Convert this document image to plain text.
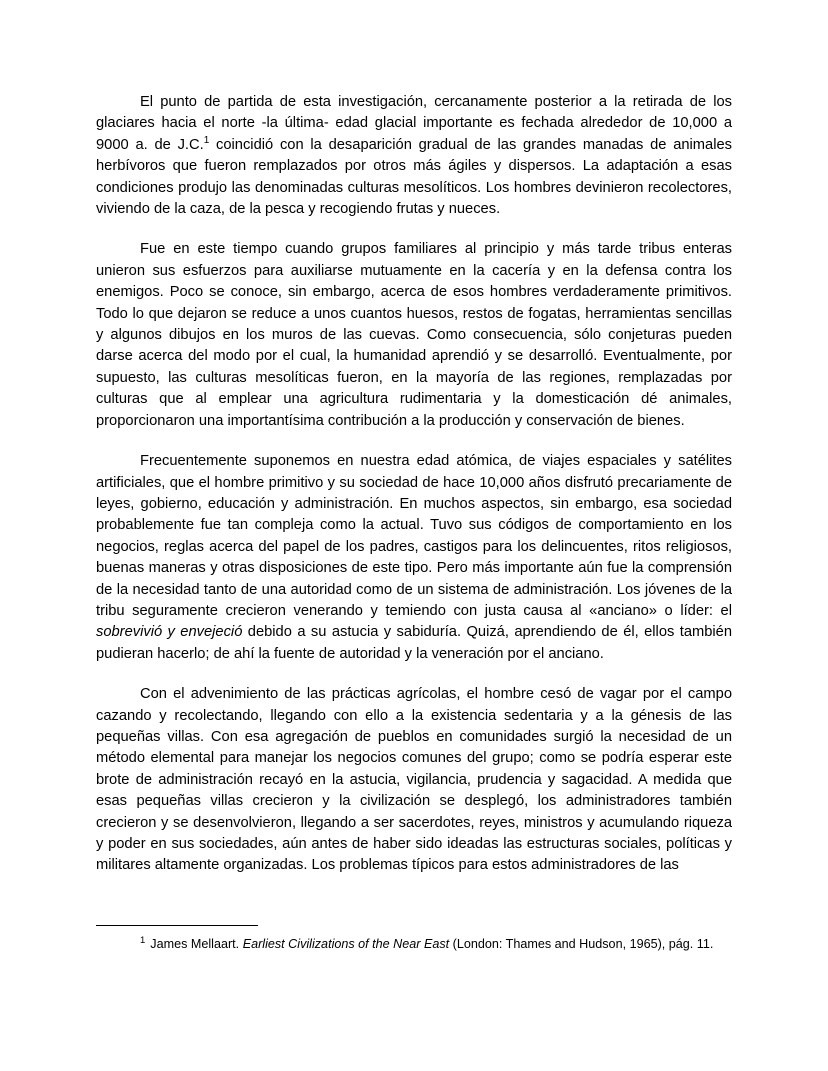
El punto de partida de esta investigación, cercanamente posterior a la retirada de los glaciares hacia el norte -la última- edad glacial importante es fechada alrededor de 10,000 a 9000 a. de J.C.$^1$ coincidió con la desaparición gradual de las grandes manadas de animales herbívoros que fueron remplazados por otros más ágiles y dispersos. La adaptación a esas condiciones produjo las denominadas culturas mesolíticos. Los hombres devinieron recolectores, viviendo de la caza, de la pesca y recogiendo frutas y nueces.

Fue en este tiempo cuando grupos familiares al principio y más tarde tribus enteras unieron sus esfuerzos para auxiliarse mutuamente en la cacería y en la defensa contra los enemigos. Poco se conoce, sin embargo, acerca de esos hombres verdaderamente primitivos. Todo lo que dejaron se reduce a unos cuantos huesos, restos de fogatas, herramientas sencillas y algunos dibujos en los muros de las cuevas. Como consecuencia, sólo conjeturas pueden darse acerca del modo por el cual, la humanidad aprendió y se desarrolló. Eventualmente, por supuesto, las culturas mesolíticas fueron, en la mayoría de las regiones, remplazadas por culturas que al emplear una agricultura rudimentaria y la domesticación dé animales, proporcionaron una importantísima contribución a la producción y conservación de bienes.

Frecuentemente suponemos en nuestra edad atómica, de viajes espaciales y satélites artificiales, que el hombre primitivo y su sociedad de hace 10,000 años disfrutó precariamente de leyes, gobierno, educación y administración. En muchos aspectos, sin embargo, esa sociedad probablemente fue tan compleja como la actual. Tuvo sus códigos de comportamiento en los negocios, reglas acerca del papel de los padres, castigos para los delincuentes, ritos religiosos, buenas maneras y otras disposiciones de este tipo. Pero más importante aún fue la comprensión de la necesidad tanto de una autoridad como de un sistema de administración. Los jóvenes de la tribu seguramente crecieron venerando y temiendo con justa causa al «anciano» o líder: el sobrevivió y envejeció debido a su astucia y sabiduría. Quizá, aprendiendo de él, ellos también pudieran hacerlo; de ahí la fuente de autoridad y la veneración por el anciano.

Con el advenimiento de las prácticas agrícolas, el hombre cesó de vagar por el campo cazando y recolectando, llegando con ello a la existencia sedentaria y a la génesis de las pequeñas villas. Con esa agregación de pueblos en comunidades surgió la necesidad de un método elemental para manejar los negocios comunes del grupo; como se podría esperar este brote de administración recayó en la astucia, vigilancia, prudencia y sagacidad. A medida que esas pequeñas villas crecieron y la civilización se desplegó, los administradores también crecieron y se desenvolvieron, llegando a ser sacerdotes, reyes, ministros y acumulando riqueza y poder en sus sociedades, aún antes de haber sido ideadas las estructuras sociales, políticas y militares altamente organizadas. Los problemas típicos para estos administradores de las

$^1$ James Mellaart. Earliest Civilizations of the Near East (London: Thames and Hudson, 1965), pág. 11.
